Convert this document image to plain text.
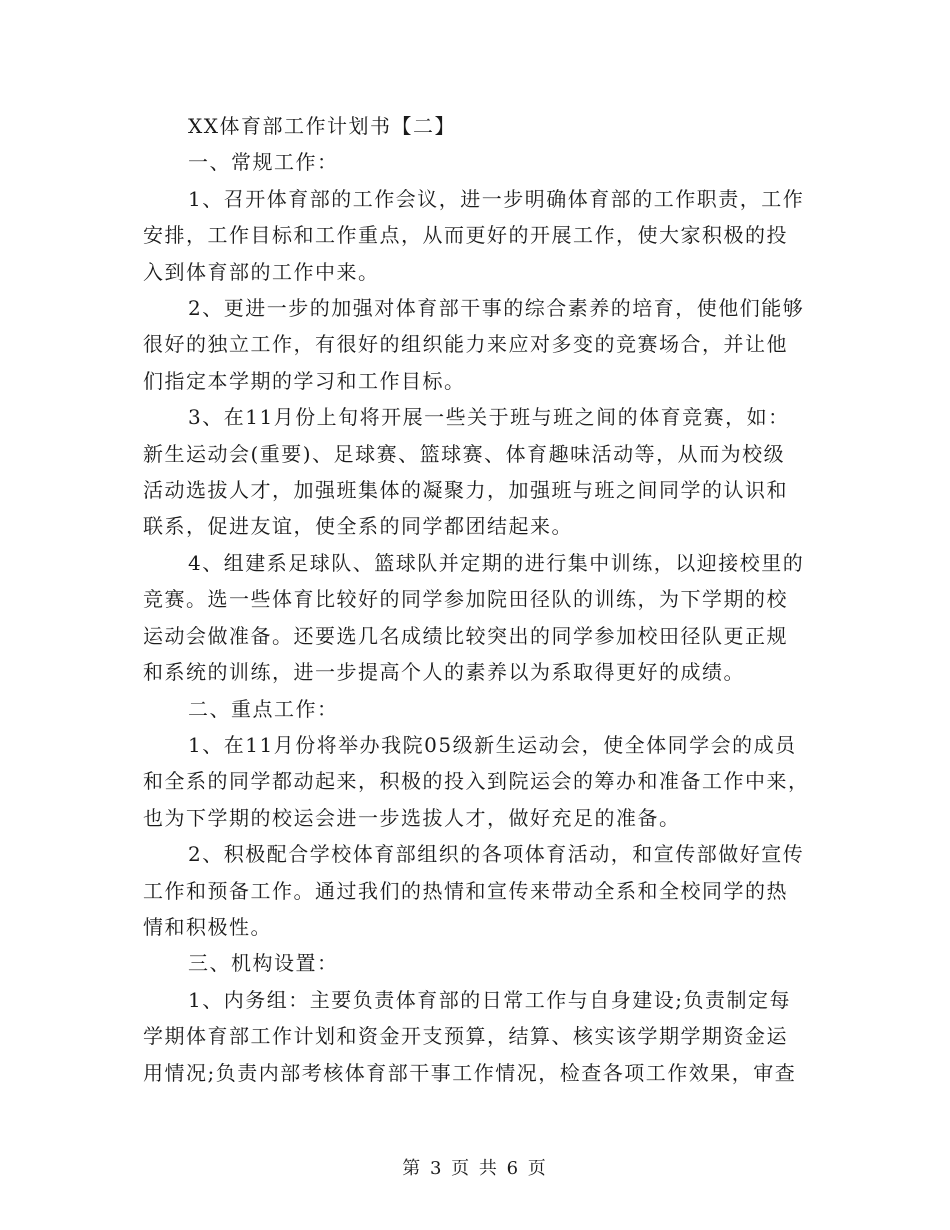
XX体育部工作计划书【二】

一、常规工作：

1、召开体育部的工作会议，进一步明确体育部的工作职责，工作

安排，工作目标和工作重点，从而更好的开展工作，使大家积极的投

入到体育部的工作中来。

2、更进一步的加强对体育部干事的综合素养的培育，使他们能够

很好的独立工作，有很好的组织能力来应对多变的竞赛场合，并让他

们指定本学期的学习和工作目标。

3、在11月份上旬将开展一些关于班与班之间的体育竞赛，如：

新生运动会(重要)、足球赛、篮球赛、体育趣味活动等，从而为校级

活动选拔人才，加强班集体的凝聚力，加强班与班之间同学的认识和

联系，促进友谊，使全系的同学都团结起来。

4、组建系足球队、篮球队并定期的进行集中训练，以迎接校里的

竞赛。选一些体育比较好的同学参加院田径队的训练，为下学期的校

运动会做准备。还要选几名成绩比较突出的同学参加校田径队更正规

和系统的训练，进一步提高个人的素养以为系取得更好的成绩。

二、重点工作：

1、在11月份将举办我院05级新生运动会，使全体同学会的成员

和全系的同学都动起来，积极的投入到院运会的筹办和准备工作中来，

也为下学期的校运会进一步选拔人才，做好充足的准备。

2、积极配合学校体育部组织的各项体育活动，和宣传部做好宣传

工作和预备工作。通过我们的热情和宣传来带动全系和全校同学的热

情和积极性。

三、机构设置：

1、内务组：主要负责体育部的日常工作与自身建设;负责制定每

学期体育部工作计划和资金开支预算，结算、核实该学期学期资金运

用情况;负责内部考核体育部干事工作情况，检查各项工作效果，审查

第 3 页 共 6 页
